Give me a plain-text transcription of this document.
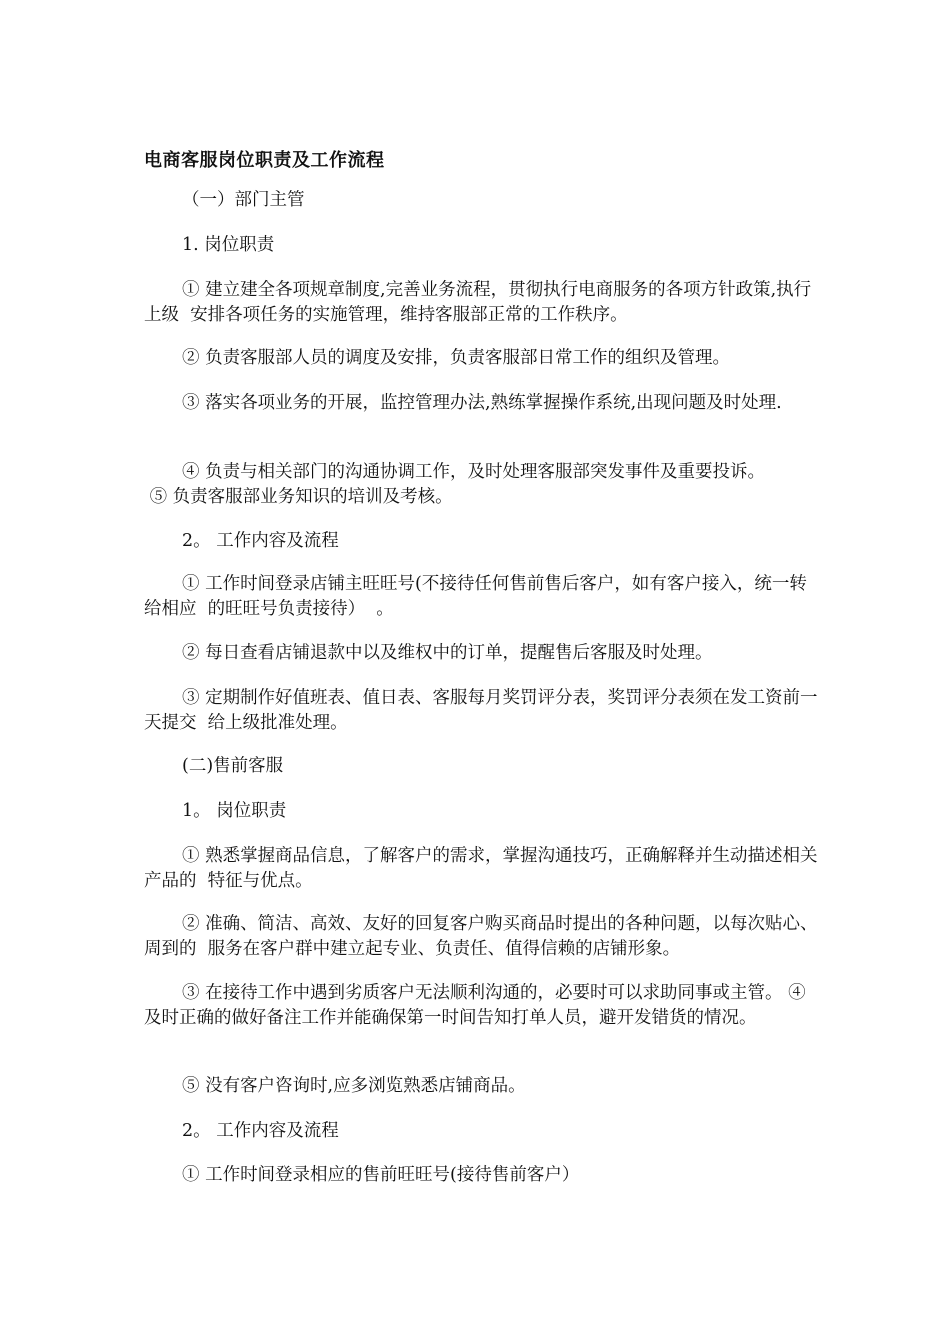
电商客服岗位职责及工作流程
（一）部门主管
1. 岗位职责
① 建立建全各项规章制度,完善业务流程，贯彻执行电商服务的各项方针政策,执行上级  安排各项任务的实施管理，维持客服部正常的工作秩序。
② 负责客服部人员的调度及安排，负责客服部日常工作的组织及管理。
③ 落实各项业务的开展，监控管理办法,熟练掌握操作系统,出现问题及时处理.
④ 负责与相关部门的沟通协调工作，及时处理客服部突发事件及重要投诉。
⑤ 负责客服部业务知识的培训及考核。
2。 工作内容及流程
① 工作时间登录店铺主旺旺号(不接待任何售前售后客户，如有客户接入，统一转给相应  的旺旺号负责接待）  。
② 每日查看店铺退款中以及维权中的订单，提醒售后客服及时处理。
③ 定期制作好值班表、值日表、客服每月奖罚评分表，奖罚评分表须在发工资前一天提交  给上级批准处理。
(二)售前客服
1。 岗位职责
① 熟悉掌握商品信息，了解客户的需求，掌握沟通技巧，正确解释并生动描述相关产品的  特征与优点。
② 准确、简洁、高效、友好的回复客户购买商品时提出的各种问题，以每次贴心、周到的  服务在客户群中建立起专业、负责任、值得信赖的店铺形象。
③ 在接待工作中遇到劣质客户无法顺利沟通的，必要时可以求助同事或主管。 ④ 及时正确的做好备注工作并能确保第一时间告知打单人员，避开发错货的情况。
⑤ 没有客户咨询时,应多浏览熟悉店铺商品。
2。 工作内容及流程
① 工作时间登录相应的售前旺旺号(接待售前客户）
